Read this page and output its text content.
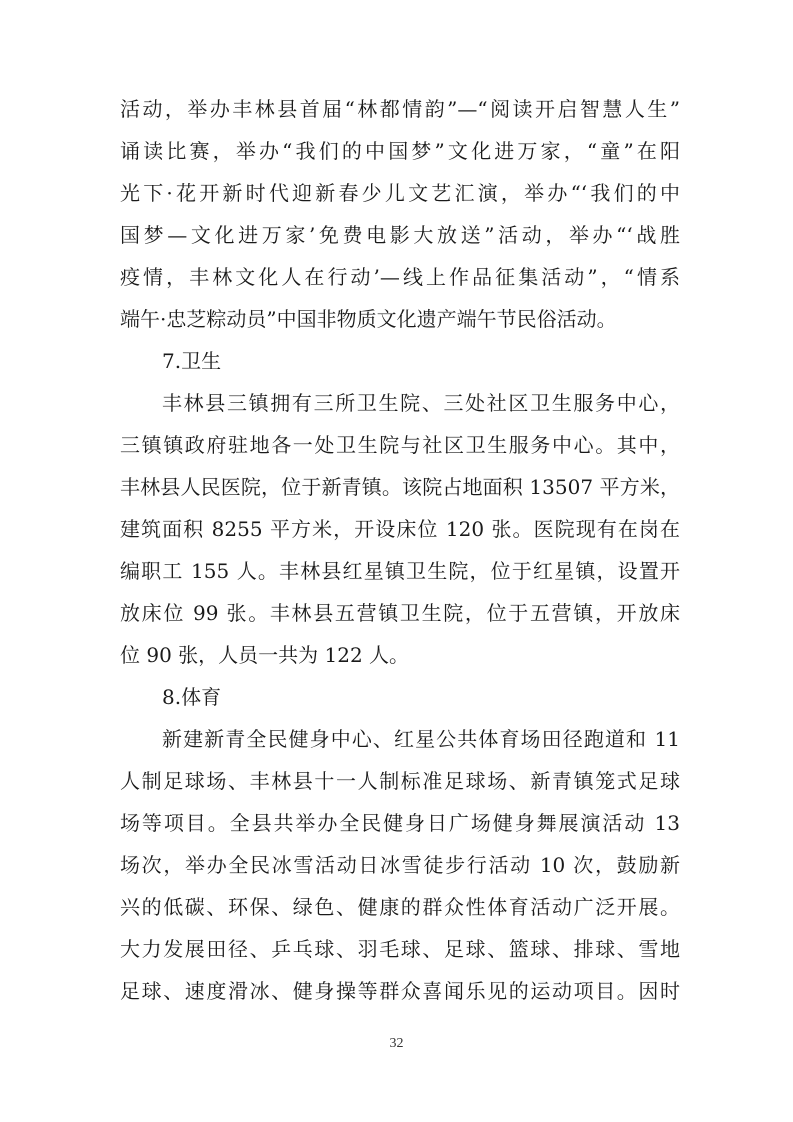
活动，举办丰林县首届“林都情韵”—“阅读开启智慧人生”
诵读比赛，举办“我们的中国梦”文化进万家，“童”在阳
光下·花开新时代迎新春少儿文艺汇演，举办“‘我们的中
国梦—文化进万家’免费电影大放送”活动，举办“‘战胜
疫情，丰林文化人在行动’—线上作品征集活动”，“情系
端午·忠芝粽动员”中国非物质文化遗产端午节民俗活动。
7.卫生
丰林县三镇拥有三所卫生院、三处社区卫生服务中心，
三镇镇政府驻地各一处卫生院与社区卫生服务中心。其中，
丰林县人民医院，位于新青镇。该院占地面积 13507 平方米，
建筑面积 8255 平方米，开设床位 120 张。医院现有在岗在
编职工 155 人。丰林县红星镇卫生院，位于红星镇，设置开
放床位 99 张。丰林县五营镇卫生院，位于五营镇，开放床
位 90 张，人员一共为 122 人。
8.体育
新建新青全民健身中心、红星公共体育场田径跑道和 11
人制足球场、丰林县十一人制标准足球场、新青镇笼式足球
场等项目。全县共举办全民健身日广场健身舞展演活动 13
场次，举办全民冰雪活动日冰雪徒步行活动 10 次，鼓励新
兴的低碳、环保、绿色、健康的群众性体育活动广泛开展。
大力发展田径、乒乓球、羽毛球、足球、篮球、排球、雪地
足球、速度滑冰、健身操等群众喜闻乐见的运动项目。因时
32
